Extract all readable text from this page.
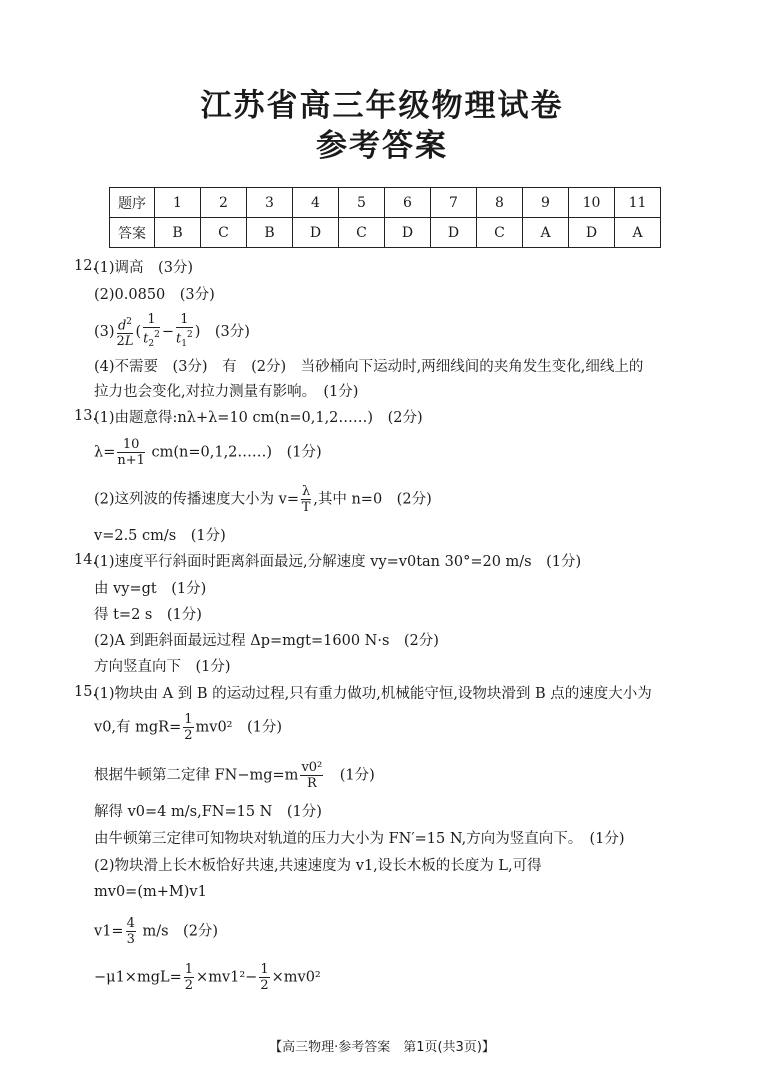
江苏省高三年级物理试卷
参考答案
题序	1	2	3	4	5	6	7	8	9	10	11
答案	B	C	B	D	C	D	D	C	A	D	A
12.
(1)调高　(3分)
(2)0.0850　(3分)
$(3) \frac{d^2}{2L}$ ( $\frac{1}{t_2^2} - \frac{1}{t_1^2}$ )　(3分)
(4)不需要　(3分)　有　(2分)　当砂桶向下运动时,两细线间的夹角发生变化,细线上的
拉力也会变化,对拉力测量有影响。　(1分)
13.
(1)由题意得:nλ+λ=10 cm(n=0,1,2……)　(2分)
$\lambda= \frac{10}{n+1}$ cm(n=0,1,2……)　(1分)
(2)这列波的传播速度大小为 $v= \frac{\lambda}{T}$ ,其中 n=0　(2分)
v=2.5 cm/s　(1分)
14.
(1)速度平行斜面时距离斜面最远,分解速度 vy=v0tan 30°=20 m/s　(1分)
由 vy=gt　(1分)
得 t=2 s　(1分)
(2)A 到距斜面最远过程 Δp=mgt=1600 N·s　(2分)
方向竖直向下　(1分)
15.
(1)物块由 A 到 B 的运动过程,只有重力做功,机械能守恒,设物块滑到 B 点的速度大小为
v0,有 $mgR= \frac{1}{2} mv0^2$　(1分)
根据牛顿第二定律 $FN-mg=m \frac{\text{v0²}}{R}$
　 (1分)
解得 v0=4 m/s,FN=15 N　(1分)
由牛顿第三定律可知物块对轨道的压力大小为 FN′=15 N,方向为竖直向下。　(1分)
(2)物块滑上长木板恰好共速,共速速度为 v1,设长木板的长度为 L,可得
mv0=(m+M)v1
$v1= \frac{4}{3} m/s$　(2分)
$-\mu 1\times mgL= \frac{1}{2} \times mv1^2- \frac{1}{2} \times mv0^2$
【高三物理·参考答案　第1页(共3页)】
